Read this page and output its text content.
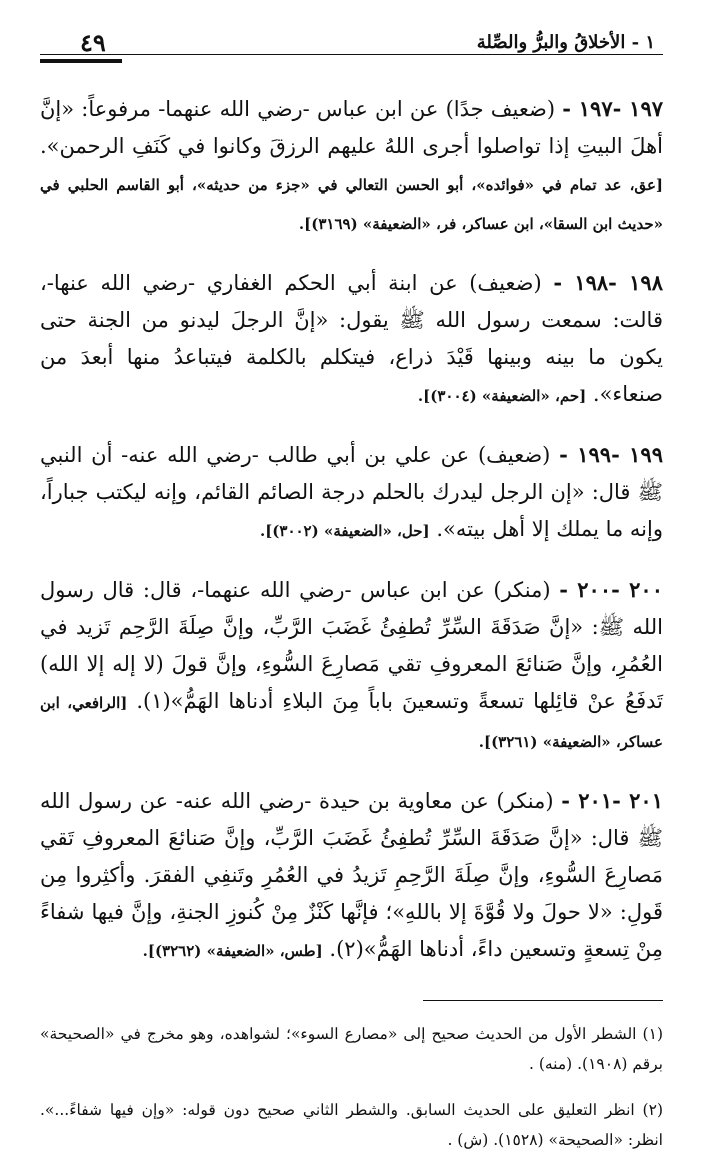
٤٩	١ - الأخلاقُ والبرُّ والصِّلة

١٩٧ -١٩٧ - (ضعيف جدًا) عن ابن عباس -رضي الله عنهما- مرفوعاً: «إنَّ أهلَ البيتِ إذا تواصلوا أجرى اللهُ عليهم الرزقَ وكانوا في كَنَفِ الرحمن». [عق، عد تمام في «فوائده»، أبو الحسن التعالي في «جزء من حديثه»، أبو القاسم الحلبي في «حديث ابن السقا»، ابن عساكر، فر، «الضعيفة» (٣١٦٩)].

١٩٨ -١٩٨ - (ضعيف) عن ابنة أبي الحكم الغفاري -رضي الله عنها-، قالت: سمعت رسول الله ﷺ يقول: «إنَّ الرجلَ ليدنو من الجنة حتى يكون ما بينه وبينها قَيْدَ ذراع، فيتكلم بالكلمة فيتباعدُ منها أبعدَ من صنعاء». [حم، «الضعيفة» (٣٠٠٤)].

١٩٩ -١٩٩ - (ضعيف) عن علي بن أبي طالب -رضي الله عنه- أن النبي ﷺ قال: «إن الرجل ليدرك بالحلم درجة الصائم القائم، وإنه ليكتب جباراً، وإنه ما يملك إلا أهل بيته». [حل، «الضعيفة» (٣٠٠٢)].

٢٠٠ -٢٠٠ - (منكر) عن ابن عباس -رضي الله عنهما-، قال: قال رسول الله ﷺ: «إنَّ صَدَقَةَ السِّرِّ تُطفِئُ غَضَبَ الرَّبِّ، وإنَّ صِلَةَ الرَّحِم تَزيد في العُمُرِ، وإنَّ صَنائعَ المعروفِ تقي مَصارِعَ السُّوءِ، وإنَّ قولَ (لا إله إلا الله) تَدفَعُ عنْ قائِلها تسعةً وتسعينَ باباً مِنَ البلاءِ أدناها الهَمُّ»(١). [الرافعي، ابن عساكر، «الضعيفة» (٣٢٦١)].

٢٠١ -٢٠١ - (منكر) عن معاوية بن حيدة -رضي الله عنه- عن رسول الله ﷺ قال: «إنَّ صَدَقَةَ السِّرِّ تُطفِئُ غَضَبَ الرَّبِّ، وإنَّ صَنائعَ المعروفِ تَقي مَصارِعَ السُّوءِ، وإنَّ صِلَةَ الرَّحِمِ تَزيدُ في العُمُرِ وتَنفِي الفقرَ. وأكثِروا مِن قَولِ: «لا حولَ ولا قُوَّةَ إلا باللهِ»؛ فإنَّها كَنْزٌ مِنْ كُنوزِ الجنةِ، وإنَّ فيها شفاءً مِنْ تِسعةٍ وتسعين داءً، أدناها الهَمُّ»(٢). [طس، «الضعيفة» (٣٢٦٢)].

(١) الشطر الأول من الحديث صحيح إلى «مصارع السوء»؛ لشواهده، وهو مخرج في «الصحيحة» برقم (١٩٠٨). (منه) .

(٢) انظر التعليق على الحديث السابق. والشطر الثاني صحيح دون قوله: «وإن فيها شفاءً...». انظر: «الصحيحة» (١٥٢٨). (ش) .
